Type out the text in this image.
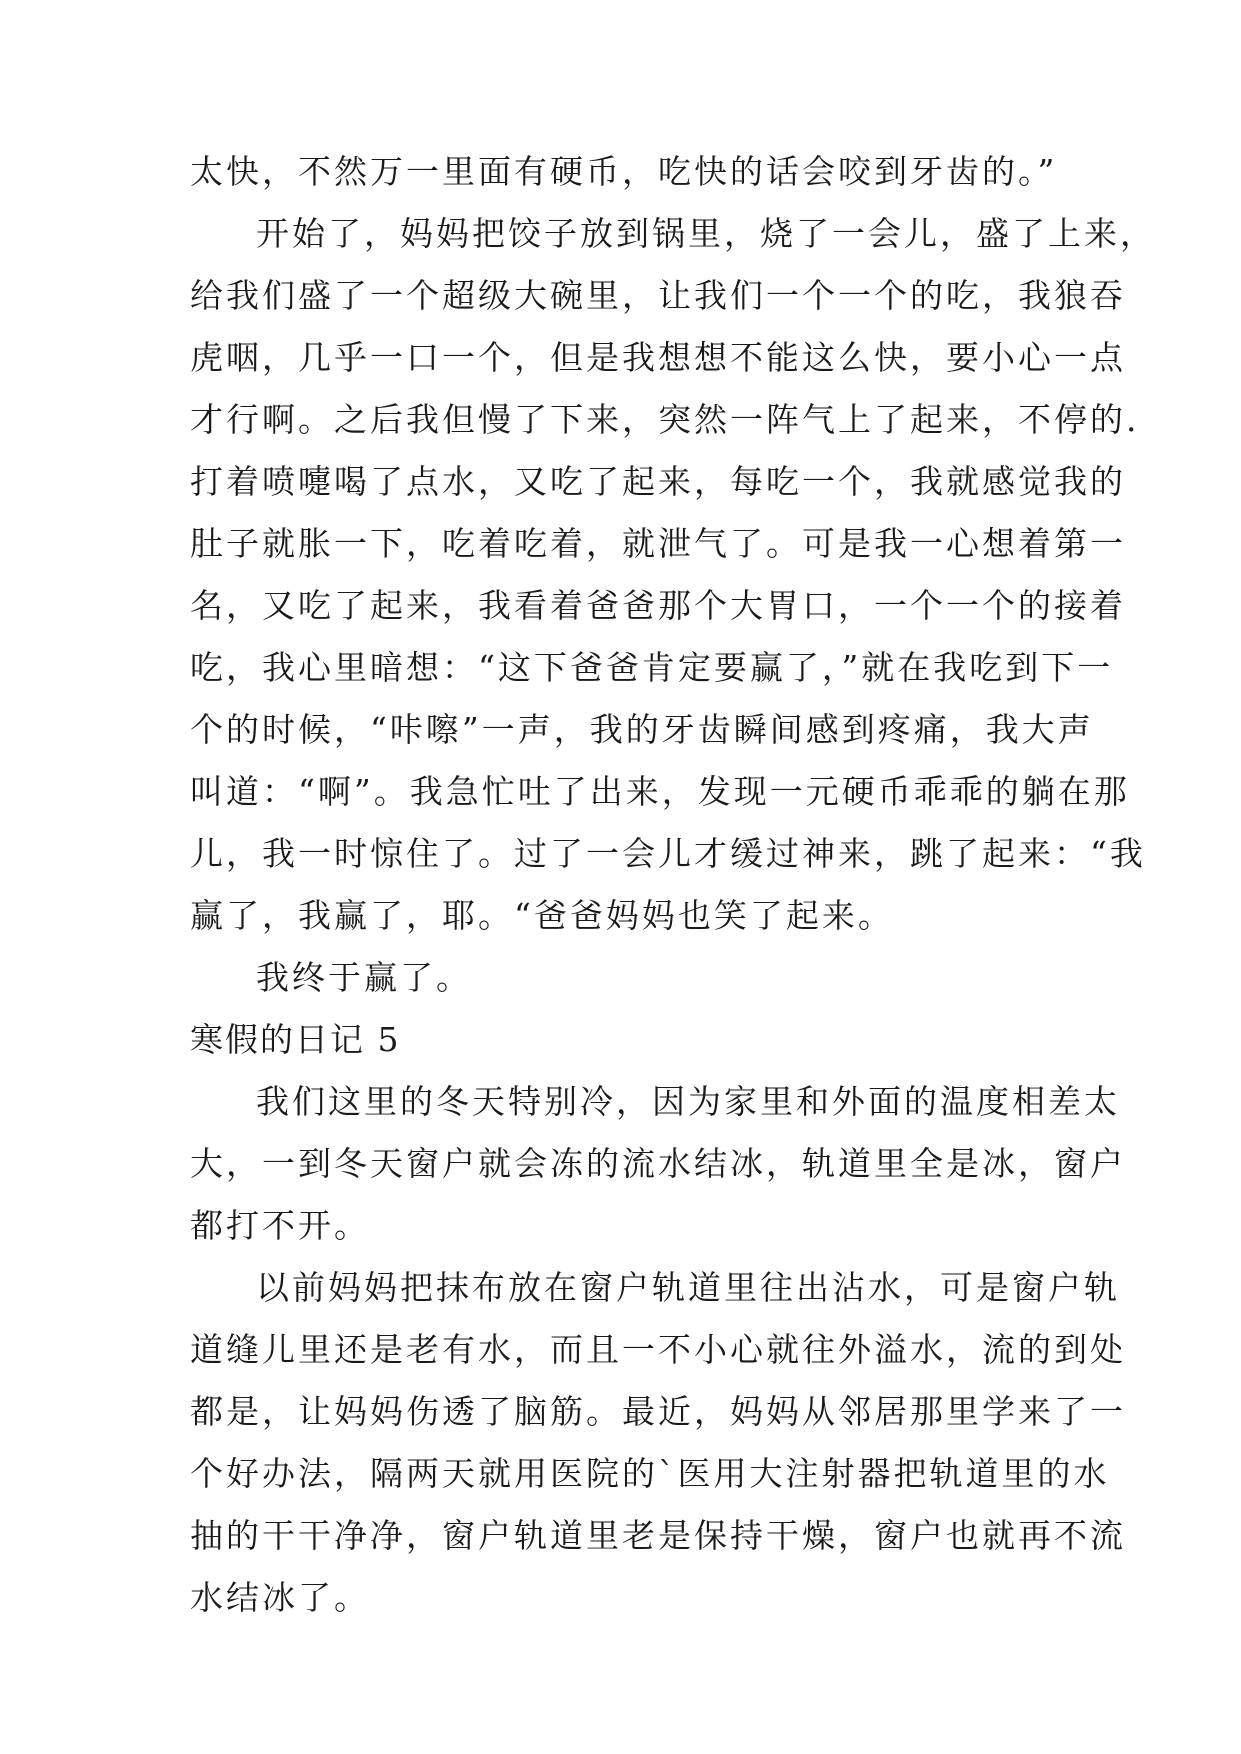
太快，不然万一里面有硬币，吃快的话会咬到牙齿的。”
开始了，妈妈把饺子放到锅里，烧了一会儿，盛了上来，
给我们盛了一个超级大碗里，让我们一个一个的吃，我狼吞
虎咽，几乎一口一个，但是我想想不能这么快，要小心一点
才行啊。之后我但慢了下来，突然一阵气上了起来，不停的.
打着喷嚏喝了点水，又吃了起来，每吃一个，我就感觉我的
肚子就胀一下，吃着吃着，就泄气了。可是我一心想着第一
名，又吃了起来，我看着爸爸那个大胃口，一个一个的接着
吃，我心里暗想：“这下爸爸肯定要赢了，”就在我吃到下一
个的时候，“咔嚓”一声，我的牙齿瞬间感到疼痛，我大声
叫道：“啊”。我急忙吐了出来，发现一元硬币乖乖的躺在那
儿，我一时惊住了。过了一会儿才缓过神来，跳了起来：“我
赢了，我赢了，耶。“爸爸妈妈也笑了起来。
我终于赢了。
寒假的日记 5
我们这里的冬天特别冷，因为家里和外面的温度相差太
大，一到冬天窗户就会冻的流水结冰，轨道里全是冰，窗户
都打不开。
以前妈妈把抹布放在窗户轨道里往出沾水，可是窗户轨
道缝儿里还是老有水，而且一不小心就往外溢水，流的到处
都是，让妈妈伤透了脑筋。最近，妈妈从邻居那里学来了一
个好办法，隔两天就用医院的`医用大注射器把轨道里的水
抽的干干净净，窗户轨道里老是保持干燥，窗户也就再不流
水结冰了。
